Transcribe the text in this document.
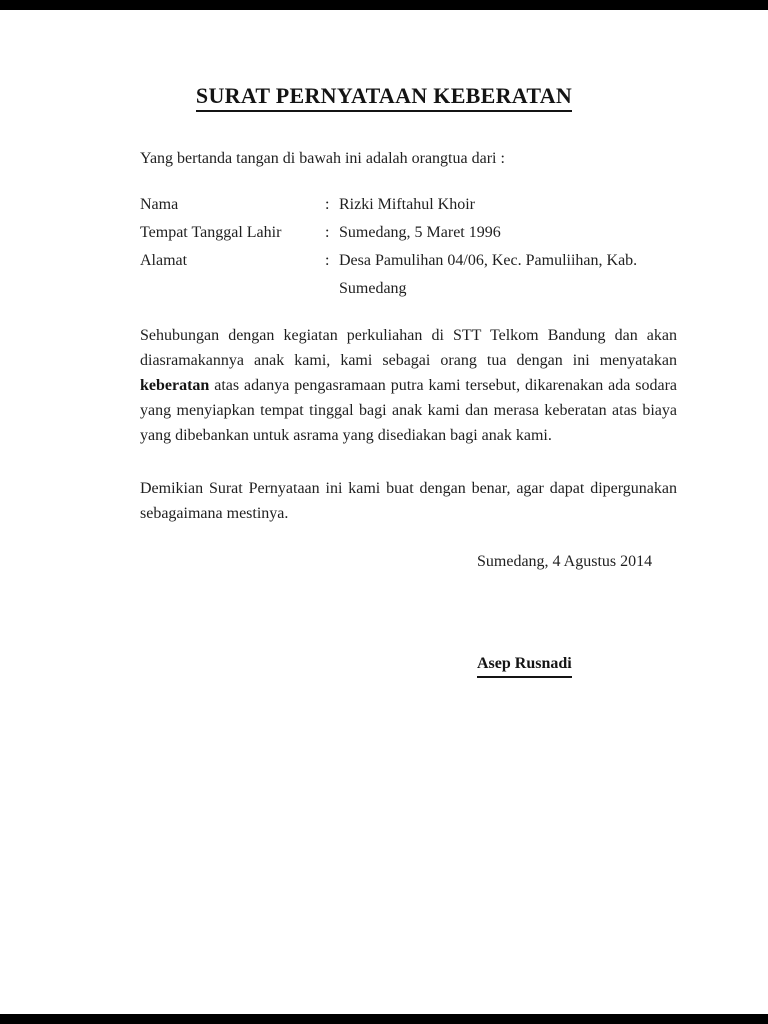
SURAT PERNYATAAN KEBERATAN

Yang bertanda tangan di bawah ini adalah orangtua dari :

Nama	: Rizki Miftahul Khoir
Tempat Tanggal Lahir	: Sumedang, 5 Maret 1996
Alamat	: Desa Pamulihan 04/06, Kec. Pamuliihan, Kab. Sumedang
Sehubungan dengan kegiatan perkuliahan di STT Telkom Bandung dan akan
diasramakannya anak kami, kami sebagai orang tua dengan ini menyatakan
keberatan atas adanya pengasramaan putra kami tersebut, dikarenakan ada sodara
yang menyiapkan tempat tinggal bagi anak kami dan merasa keberatan atas biaya
yang dibebankan untuk asrama yang disediakan bagi anak kami.
Demikian Surat Pernyataan ini kami buat dengan benar, agar dapat dipergunakan
sebagaimana mestinya.
Sumedang, 4 Agustus 2014
Asep Rusnadi
